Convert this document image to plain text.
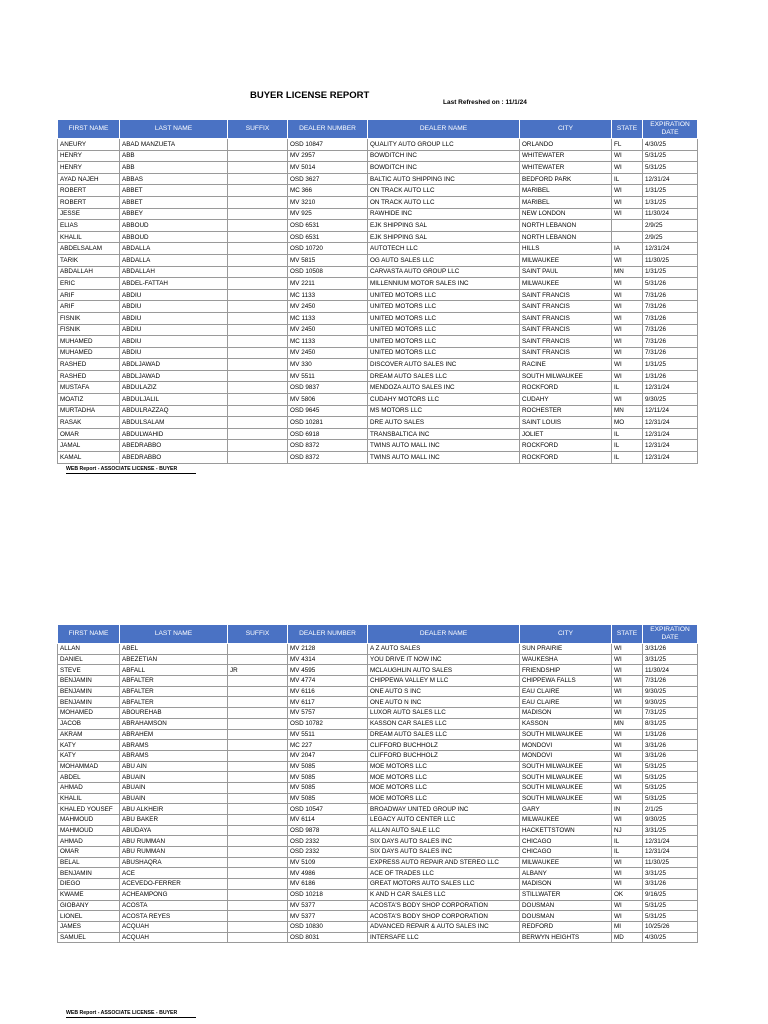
BUYER LICENSE REPORT
Last Refreshed on : 11/1/24
FIRST NAME	LAST NAME	SUFFIX	DEALER NUMBER	DEALER NAME	CITY	STATE	EXPIRATION DATE
ANEURY	ABAD MANZUETA		OSD 10847	QUALITY AUTO GROUP LLC	ORLANDO	FL	4/30/25
HENRY	ABB		MV 2957	BOWDITCH INC	WHITEWATER	WI	5/31/25
HENRY	ABB		MV 5014	BOWDITCH INC	WHITEWATER	WI	5/31/25
AYAD NAJEH	ABBAS		OSD 3627	BALTIC AUTO SHIPPING INC	BEDFORD PARK	IL	12/31/24
ROBERT	ABBET		MC 366	ON TRACK AUTO LLC	MARIBEL	WI	1/31/25
ROBERT	ABBET		MV 3210	ON TRACK AUTO LLC	MARIBEL	WI	1/31/25
JESSE	ABBEY		MV 925	RAWHIDE INC	NEW LONDON	WI	11/30/24
ELIAS	ABBOUD		OSD 6531	EJK SHIPPING SAL	NORTH LEBANON		2/9/25
KHALIL	ABBOUD		OSD 6531	EJK SHIPPING SAL	NORTH LEBANON		2/9/25
ABDELSALAM	ABDALLA		OSD 10720	AUTOTECH LLC	HILLS	IA	12/31/24
TARIK	ABDALLA		MV 5815	OG AUTO SALES LLC	MILWAUKEE	WI	11/30/25
ABDALLAH	ABDALLAH		OSD 10508	CARVASTA AUTO GROUP LLC	SAINT PAUL	MN	1/31/25
ERIC	ABDEL-FATTAH		MV 2211	MILLENNIUM MOTOR SALES INC	MILWAUKEE	WI	5/31/26
ARIF	ABDIU		MC 1133	UNITED MOTORS LLC	SAINT FRANCIS	WI	7/31/26
ARIF	ABDIU		MV 2450	UNITED MOTORS LLC	SAINT FRANCIS	WI	7/31/26
FISNIK	ABDIU		MC 1133	UNITED MOTORS LLC	SAINT FRANCIS	WI	7/31/26
FISNIK	ABDIU		MV 2450	UNITED MOTORS LLC	SAINT FRANCIS	WI	7/31/26
MUHAMED	ABDIU		MC 1133	UNITED MOTORS LLC	SAINT FRANCIS	WI	7/31/26
MUHAMED	ABDIU		MV 2450	UNITED MOTORS LLC	SAINT FRANCIS	WI	7/31/26
RASHED	ABDLJAWAD		MV 330	DISCOVER AUTO SALES INC	RACINE	WI	1/31/25
RASHED	ABDLJAWAD		MV 5511	DREAM AUTO SALES LLC	SOUTH MILWAUKEE	WI	1/31/26
MUSTAFA	ABDULAZIZ		OSD 9837	MENDOZA AUTO SALES INC	ROCKFORD	IL	12/31/24
MOATIZ	ABDULJALIL		MV 5806	CUDAHY MOTORS LLC	CUDAHY	WI	9/30/25
MURTADHA	ABDULRAZZAQ		OSD 9645	MS MOTORS LLC	ROCHESTER	MN	12/11/24
RASAK	ABDULSALAM		OSD 10281	DRE AUTO SALES	SAINT LOUIS	MO	12/31/24
OMAR	ABDULWAHID		OSD 6918	TRANSBALTICA INC	JOLIET	IL	12/31/24
JAMAL	ABEDRABBO		OSD 8372	TWINS AUTO MALL INC	ROCKFORD	IL	12/31/24
KAMAL	ABEDRABBO		OSD 8372	TWINS AUTO MALL INC	ROCKFORD	IL	12/31/24
WEB Report - ASSOCIATE LICENSE - BUYER
FIRST NAME	LAST NAME	SUFFIX	DEALER NUMBER	DEALER NAME	CITY	STATE	EXPIRATION DATE
ALLAN	ABEL		MV 2128	A Z AUTO SALES	SUN PRAIRIE	WI	3/31/26
DANIEL	ABEZETIAN		MV 4314	YOU DRIVE IT NOW INC	WAUKESHA	WI	3/31/25
STEVE	ABFALL	JR	MV 4595	MCLAUGHLIN AUTO SALES	FRIENDSHIP	WI	11/30/24
BENJAMIN	ABFALTER		MV 4774	CHIPPEWA VALLEY M LLC	CHIPPEWA FALLS	WI	7/31/26
BENJAMIN	ABFALTER		MV 6116	ONE AUTO S INC	EAU CLAIRE	WI	9/30/25
BENJAMIN	ABFALTER		MV 6117	ONE AUTO N INC	EAU CLAIRE	WI	9/30/25
MOHAMED	ABOUREHAB		MV 5757	LUXOR AUTO SALES LLC	MADISON	WI	7/31/25
JACOB	ABRAHAMSON		OSD 10782	KASSON CAR SALES LLC	KASSON	MN	8/31/25
AKRAM	ABRAHEM		MV 5511	DREAM AUTO SALES LLC	SOUTH MILWAUKEE	WI	1/31/26
KATY	ABRAMS		MC 227	CLIFFORD BUCHHOLZ	MONDOVI	WI	3/31/26
KATY	ABRAMS		MV 2047	CLIFFORD BUCHHOLZ	MONDOVI	WI	3/31/26
MOHAMMAD	ABU AIN		MV 5085	MOE MOTORS LLC	SOUTH MILWAUKEE	WI	5/31/25
ABDEL	ABUAIN		MV 5085	MOE MOTORS LLC	SOUTH MILWAUKEE	WI	5/31/25
AHMAD	ABUAIN		MV 5085	MOE MOTORS LLC	SOUTH MILWAUKEE	WI	5/31/25
KHALIL	ABUAIN		MV 5085	MOE MOTORS LLC	SOUTH MILWAUKEE	WI	5/31/25
KHALED YOUSEF	ABU ALKHEIR		OSD 10547	BROADWAY UNITED GROUP INC	GARY	IN	2/1/25
MAHMOUD	ABU BAKER		MV 6114	LEGACY AUTO CENTER LLC	MILWAUKEE	WI	9/30/25
MAHMOUD	ABUDAYA		OSD 9878	ALLAN AUTO SALE LLC	HACKETTSTOWN	NJ	3/31/25
AHMAD	ABU RUMMAN		OSD 2332	SIX DAYS AUTO SALES INC	CHICAGO	IL	12/31/24
OMAR	ABU RUMMAN		OSD 2332	SIX DAYS AUTO SALES INC	CHICAGO	IL	12/31/24
BELAL	ABUSHAQRA		MV 5109	EXPRESS AUTO REPAIR AND STEREO LLC	MILWAUKEE	WI	11/30/25
BENJAMIN	ACE		MV 4986	ACE OF TRADES LLC	ALBANY	WI	3/31/25
DIEGO	ACEVEDO-FERRER		MV 6186	GREAT MOTORS AUTO SALES LLC	MADISON	WI	3/31/26
KWAME	ACHEAMPONG		OSD 10218	K AND H CAR SALES LLC	STILLWATER	OK	9/16/25
GIOBANY	ACOSTA		MV 5377	ACOSTA'S BODY SHOP CORPORATION	DOUSMAN	WI	5/31/25
LIONEL	ACOSTA REYES		MV 5377	ACOSTA'S BODY SHOP CORPORATION	DOUSMAN	WI	5/31/25
JAMES	ACQUAH		OSD 10830	ADVANCED REPAIR & AUTO SALES INC	REDFORD	MI	10/25/26
SAMUEL	ACQUAH		OSD 8031	INTERSAFE LLC	BERWYN HEIGHTS	MD	4/30/25
WEB Report - ASSOCIATE LICENSE - BUYER
